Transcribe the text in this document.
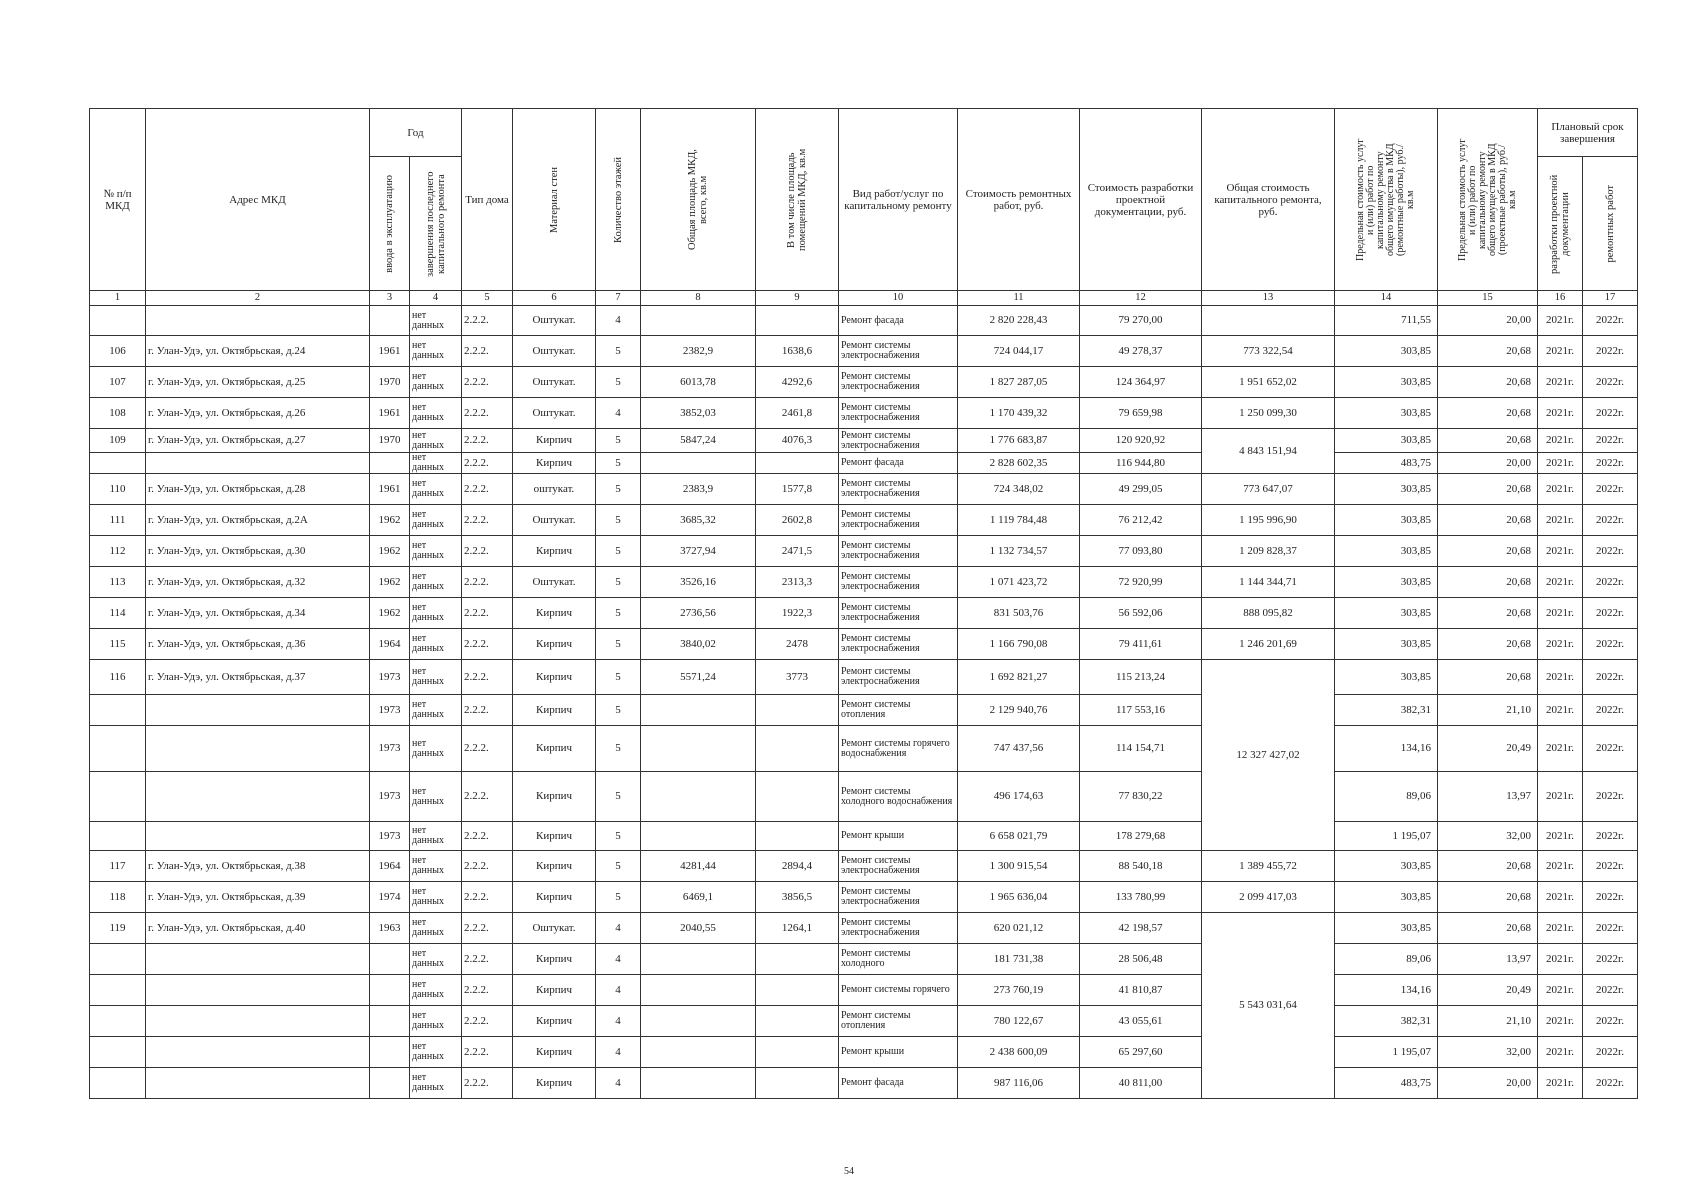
№ п/п МКД	Адрес МКД	Год		Тип дома	Материал стен	Количество этажей	Общая площадь МКД, всего, кв.м	В том числе площадь помещений МКД, кв.м	Вид работ/услуг по капитальному ремонту	Стоимость ремонтных работ, руб.	Стоимость разработки проектной документации, руб.	Общая стоимость капитального ремонта, руб.	Предельная стоимость услуг и (или) работ по капитальному ремонту общего имущества в МКД (ремонтные работы), руб./кв.м	Предельная стоимость услуг и (или) работ по капитальному ремонту общего имущества в МКД (проектные работы), руб./кв.м	Плановый срок завершения	

		ввода в эксплуатацию	завершения последнего капитального ремонта												разработки проектной документации	ремонтных работ

1	2	3	4	5	6	7	8	9	10	11	12	13	14	15	16	17
			нет данных	2.2.2.	Оштукат.	4			Ремонт фасада	2 820 228,43	79 270,00		711,55	20,00	2021г.	2022г.
106	г. Улан-Удэ, ул. Октябрьская, д.24	1961	нет данных	2.2.2.	Оштукат.	5	2382,9	1638,6	Ремонт системы электроснабжения	724 044,17	49 278,37	773 322,54	303,85	20,68	2021г.	2022г.
107	г. Улан-Удэ, ул. Октябрьская, д.25	1970	нет данных	2.2.2.	Оштукат.	5	6013,78	4292,6	Ремонт системы электроснабжения	1 827 287,05	124 364,97	1 951 652,02	303,85	20,68	2021г.	2022г.
108	г. Улан-Удэ, ул. Октябрьская, д.26	1961	нет данных	2.2.2.	Оштукат.	4	3852,03	2461,8	Ремонт системы электроснабжения	1 170 439,32	79 659,98	1 250 099,30	303,85	20,68	2021г.	2022г.
109	г. Улан-Удэ, ул. Октябрьская, д.27	1970	нет данных	2.2.2.	Кирпич	5	5847,24	4076,3	Ремонт системы электроснабжения	1 776 683,87	120 920,92	4 843 151,94	303,85	20,68	2021г.	2022г.
			нет данных	2.2.2.	Кирпич	5			Ремонт фасада	2 828 602,35	116 944,80		483,75	20,00	2021г.	2022г.
110	г. Улан-Удэ, ул. Октябрьская, д.28	1961	нет данных	2.2.2.	оштукат.	5	2383,9	1577,8	Ремонт системы электроснабжения	724 348,02	49 299,05	773 647,07	303,85	20,68	2021г.	2022г.
111	г. Улан-Удэ, ул. Октябрьская, д.2А	1962	нет данных	2.2.2.	Оштукат.	5	3685,32	2602,8	Ремонт системы электроснабжения	1 119 784,48	76 212,42	1 195 996,90	303,85	20,68	2021г.	2022г.
112	г. Улан-Удэ, ул. Октябрьская, д.30	1962	нет данных	2.2.2.	Кирпич	5	3727,94	2471,5	Ремонт системы электроснабжения	1 132 734,57	77 093,80	1 209 828,37	303,85	20,68	2021г.	2022г.
113	г. Улан-Удэ, ул. Октябрьская, д.32	1962	нет данных	2.2.2.	Оштукат.	5	3526,16	2313,3	Ремонт системы электроснабжения	1 071 423,72	72 920,99	1 144 344,71	303,85	20,68	2021г.	2022г.
114	г. Улан-Удэ, ул. Октябрьская, д.34	1962	нет данных	2.2.2.	Кирпич	5	2736,56	1922,3	Ремонт системы электроснабжения	831 503,76	56 592,06	888 095,82	303,85	20,68	2021г.	2022г.
115	г. Улан-Удэ, ул. Октябрьская, д.36	1964	нет данных	2.2.2.	Кирпич	5	3840,02	2478	Ремонт системы электроснабжения	1 166 790,08	79 411,61	1 246 201,69	303,85	20,68	2021г.	2022г.
116	г. Улан-Удэ, ул. Октябрьская, д.37	1973	нет данных	2.2.2.	Кирпич	5	5571,24	3773	Ремонт системы электроснабжения	1 692 821,27	115 213,24	12 327 427,02	303,85	20,68	2021г.	2022г.
		1973	нет данных	2.2.2.	Кирпич	5			Ремонт системы отопления	2 129 940,76	117 553,16		382,31	21,10	2021г.	2022г.
		1973	нет данных	2.2.2.	Кирпич	5			Ремонт системы горячего водоснабжения	747 437,56	114 154,71		134,16	20,49	2021г.	2022г.
		1973	нет данных	2.2.2.	Кирпич	5			Ремонт системы холодного водоснабжения	496 174,63	77 830,22		89,06	13,97	2021г.	2022г.
		1973	нет данных	2.2.2.	Кирпич	5			Ремонт крыши	6 658 021,79	178 279,68		1 195,07	32,00	2021г.	2022г.
117	г. Улан-Удэ, ул. Октябрьская, д.38	1964	нет данных	2.2.2.	Кирпич	5	4281,44	2894,4	Ремонт системы электроснабжения	1 300 915,54	88 540,18	1 389 455,72	303,85	20,68	2021г.	2022г.
118	г. Улан-Удэ, ул. Октябрьская, д.39	1974	нет данных	2.2.2.	Кирпич	5	6469,1	3856,5	Ремонт системы электроснабжения	1 965 636,04	133 780,99	2 099 417,03	303,85	20,68	2021г.	2022г.
119	г. Улан-Удэ, ул. Октябрьская, д.40	1963	нет данных	2.2.2.	Оштукат.	4	2040,55	1264,1	Ремонт системы электроснабжения	620 021,12	42 198,57	5 543 031,64	303,85	20,68	2021г.	2022г.
			нет данных	2.2.2.	Кирпич	4			Ремонт системы холодного	181 731,38	28 506,48		89,06	13,97	2021г.	2022г.
			нет данных	2.2.2.	Кирпич	4			Ремонт системы горячего	273 760,19	41 810,87		134,16	20,49	2021г.	2022г.
			нет данных	2.2.2.	Кирпич	4			Ремонт системы отопления	780 122,67	43 055,61		382,31	21,10	2021г.	2022г.
			нет данных	2.2.2.	Кирпич	4			Ремонт крыши	2 438 600,09	65 297,60		1 195,07	32,00	2021г.	2022г.
			нет данных	2.2.2.	Кирпич	4			Ремонт фасада	987 116,06	40 811,00		483,75	20,00	2021г.	2022г.
54
